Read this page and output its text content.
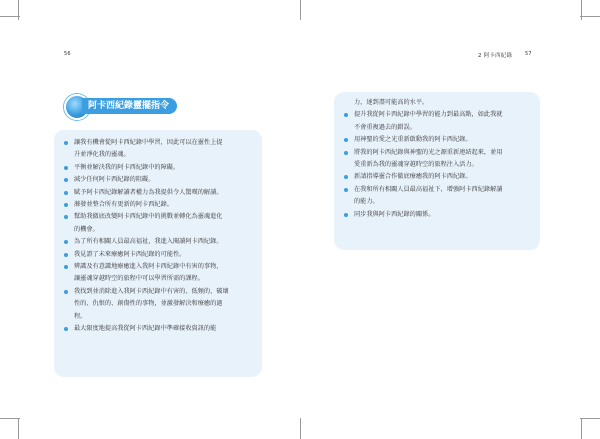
56
阿卡西紀錄靈擺指令
讓我有機會從阿卡西紀錄中學習，因此可以在靈性上提
升並淨化我的靈魂。
平衡並解決我的阿卡西紀錄中的障礙。
減少任何阿卡西紀錄的阻礙。
賦予阿卡西紀錄解讀者權力為我提供令人驚嘆的解讀。
滌發並整合所有更新的阿卡西紀錄。
幫助我徹底改變阿卡西紀錄中的挑戰並轉化為靈魂進化
的機會。
為了所有相關人員最高福祉，我進入閱讀阿卡西紀錄。
我見證了未來療癒阿卡西紀錄的可能性。
辨識及有意識地療癒進入我阿卡西紀錄中有害的事物，
讓靈魂穿越時空的旅程中可以學習所需的課程。
我找到並消除進入我阿卡西紀錄中有害的、低頻的，破壞
性的、仇恨的、創傷性的事物，並激發解決和療癒的過
程。
最大限度地提高我從阿卡西紀錄中準確接收資訊的能
2 阿卡西紀錄	57
力，達到盡可能高的水平。
提升我從阿卡西紀錄中學習的能力到最高點，如此我就
不會重複過去的錯誤。
用神聖的愛之光重新啟動我的阿卡西紀錄。
將我的阿卡西紀錄與神聖的光之源重新連結起來，並用
愛重新為我的靈魂穿越時空的旅程注入活力。
新請指導靈合作徹底療癒我的阿卡西紀錄。
在我和所有相關人員最高福祉下，增強阿卡西紀錄解讀
的能力。
同步我與阿卡西紀錄的關係。
